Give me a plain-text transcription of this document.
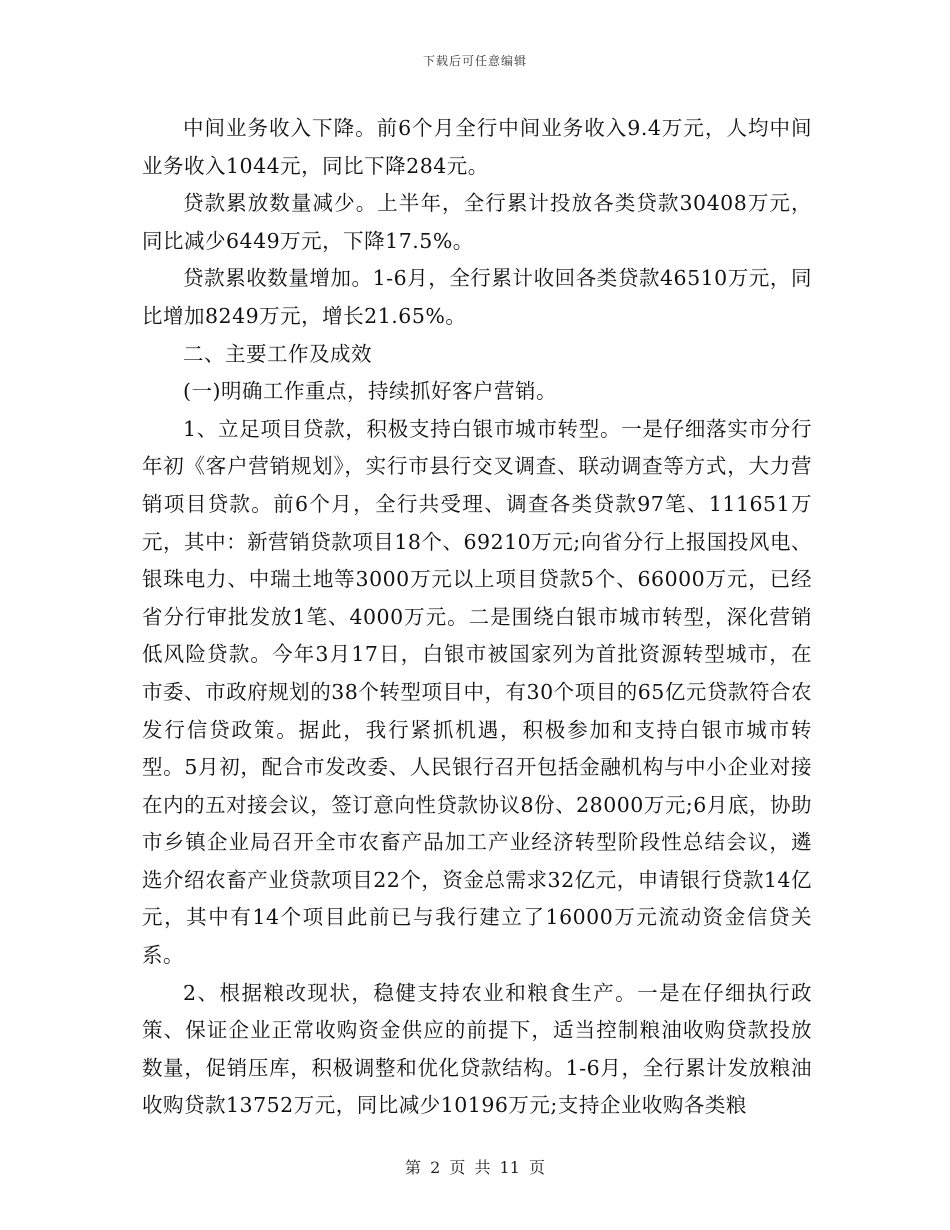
下载后可任意编辑

中间业务收入下降。前6个月全行中间业务收入9.4万元，人均中间业务收入1044元，同比下降284元。

贷款累放数量减少。上半年，全行累计投放各类贷款30408万元，同比减少6449万元，下降17.5%。

贷款累收数量增加。1-6月，全行累计收回各类贷款46510万元，同比增加8249万元，增长21.65%。

二、主要工作及成效

(一)明确工作重点，持续抓好客户营销。

1、立足项目贷款，积极支持白银市城市转型。一是仔细落实市分行年初《客户营销规划》，实行市县行交叉调查、联动调查等方式，大力营销项目贷款。前6个月，全行共受理、调查各类贷款97笔、111651万元，其中：新营销贷款项目18个、69210万元;向省分行上报国投风电、银珠电力、中瑞土地等3000万元以上项目贷款5个、66000万元，已经省分行审批发放1笔、4000万元。二是围绕白银市城市转型，深化营销低风险贷款。今年3月17日，白银市被国家列为首批资源转型城市，在市委、市政府规划的38个转型项目中，有30个项目的65亿元贷款符合农发行信贷政策。据此，我行紧抓机遇，积极参加和支持白银市城市转型。5月初，配合市发改委、人民银行召开包括金融机构与中小企业对接在内的五对接会议，签订意向性贷款协议8份、28000万元;6月底，协助市乡镇企业局召开全市农畜产品加工产业经济转型阶段性总结会议，遴选介绍农畜产业贷款项目22个，资金总需求32亿元，申请银行贷款14亿元，其中有14个项目此前已与我行建立了16000万元流动资金信贷关系。

2、根据粮改现状，稳健支持农业和粮食生产。一是在仔细执行政策、保证企业正常收购资金供应的前提下，适当控制粮油收购贷款投放数量，促销压库，积极调整和优化贷款结构。1-6月，全行累计发放粮油收购贷款13752万元，同比减少10196万元;支持企业收购各类粮

第 2 页 共 11 页
